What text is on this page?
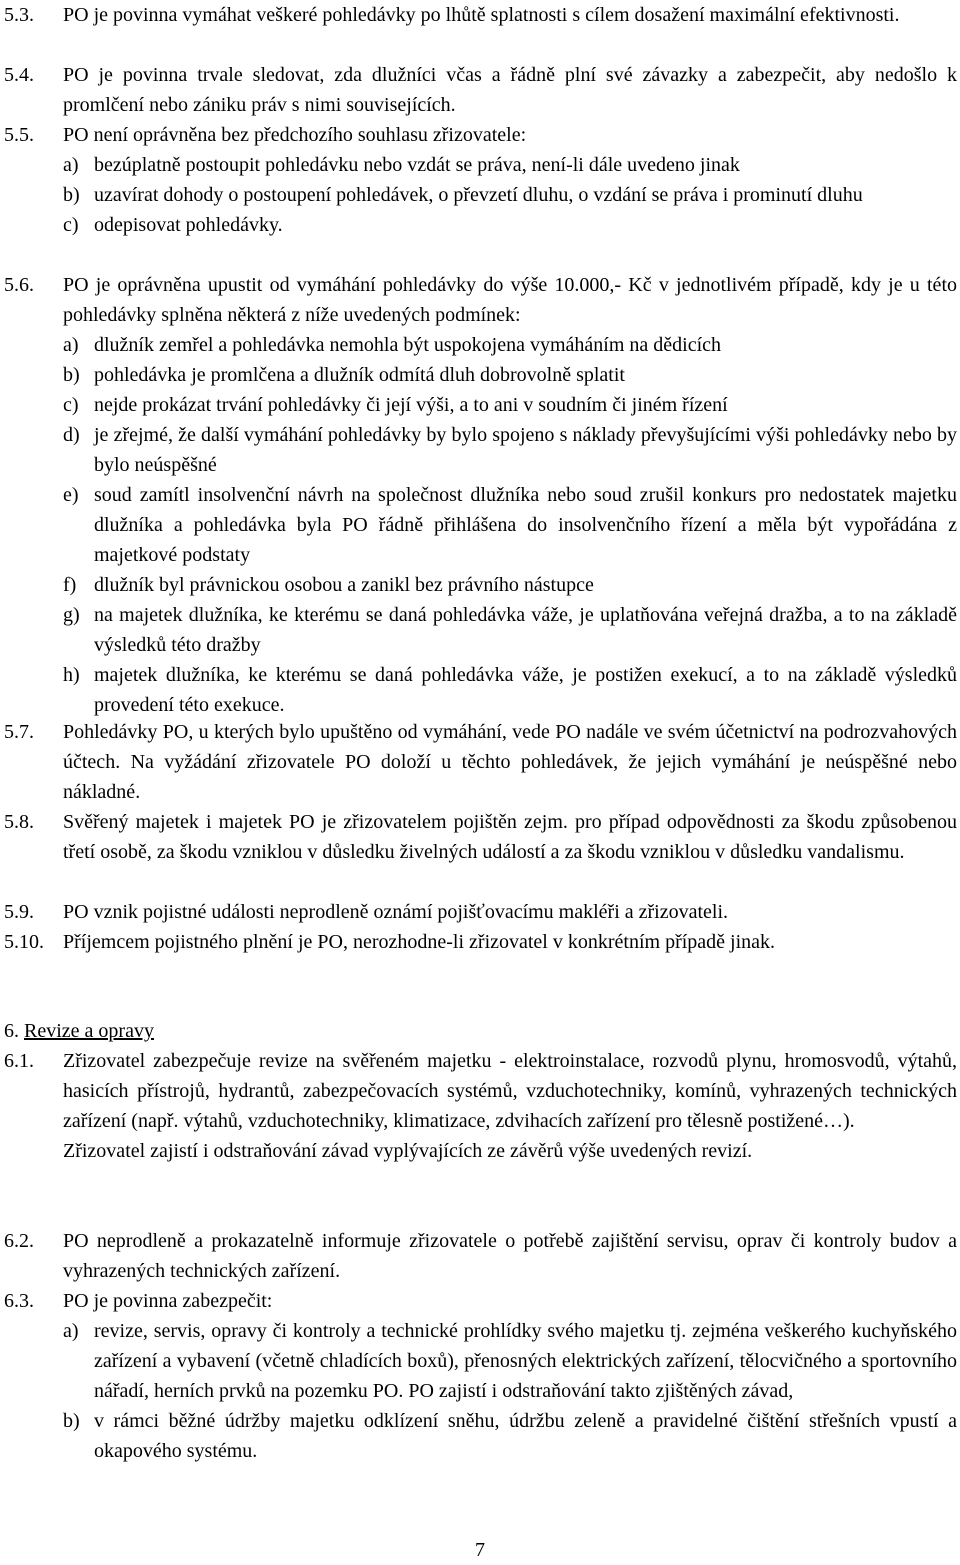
5.3.	PO je povinna vymáhat veškeré pohledávky po lhůtě splatnosti s cílem dosažení maximální efektivnosti.

5.4.	PO je povinna trvale sledovat, zda dlužníci včas a řádně plní své závazky a zabezpečit, aby nedošlo k promlčení nebo zániku práv s nimi souvisejících.

5.5.	PO není oprávněna bez předchozího souhlasu zřizovatele:

a) bezúplatně postoupit pohledávku nebo vzdát se práva, není-li dále uvedeno jinak
b) uzavírat dohody o postoupení pohledávek, o převzetí dluhu, o vzdání se práva i prominutí dluhu
c) odepisovat pohledávky.
5.6.	PO je oprávněna upustit od vymáhání pohledávky do výše 10.000,- Kč v jednotlivém případě, kdy je u této pohledávky splněna některá z níže uvedených podmínek:

a) dlužník zemřel a pohledávka nemohla být uspokojena vymáháním na dědicích
b) pohledávka je promlčena a dlužník odmítá dluh dobrovolně splatit
c) nejde prokázat trvání pohledávky či její výši, a to ani v soudním či jiném řízení
d) je zřejmé, že další vymáhání pohledávky by bylo spojeno s náklady převyšujícími výši pohledávky nebo by bylo neúspěšné
e) soud zamítl insolvenční návrh na společnost dlužníka nebo soud zrušil konkurs pro nedostatek majetku dlužníka a pohledávka byla PO řádně přihlášena do insolvenčního řízení a měla být vypořádána z majetkové podstaty
f) dlužník byl právnickou osobou a zanikl bez právního nástupce
g) na majetek dlužníka, ke kterému se daná pohledávka váže, je uplatňována veřejná dražba, a to na základě výsledků této dražby
h) majetek dlužníka, ke kterému se daná pohledávka váže, je postižen exekucí, a to na základě výsledků provedení této exekuce.
5.7.	Pohledávky PO, u kterých bylo upuštěno od vymáhání, vede PO nadále ve svém účetnictví na podrozvahových účtech. Na vyžádání zřizovatele PO doloží u těchto pohledávek, že jejich vymáhání je neúspěšné nebo nákladné.

5.8.	Svěřený majetek i majetek PO je zřizovatelem pojištěn zejm. pro případ odpovědnosti za škodu způsobenou třetí osobě, za škodu vzniklou v důsledku živelných událostí a za škodu vzniklou v důsledku vandalismu.

5.9.	PO vznik pojistné události neprodleně oznámí pojišťovacímu makléři a zřizovateli.

5.10. Příjemcem pojistného plnění je PO, nerozhodne-li zřizovatel v konkrétním případě jinak.

6. Revize a opravy
6.1.	Zřizovatel zabezpečuje revize na svěřeném majetku - elektroinstalace, rozvodů plynu, hromosvodů, výtahů, hasicích přístrojů, hydrantů, zabezpečovacích systémů, vzduchotechniky, komínů, vyhrazených technických zařízení (např. výtahů, vzduchotechniky, klimatizace, zdvihacích zařízení pro tělesně postižené…).

Zřizovatel zajistí i odstraňování závad vyplývajících ze závěrů výše uvedených revizí.

6.2.	PO neprodleně a prokazatelně informuje zřizovatele o potřebě zajištění servisu, oprav či kontroly budov a vyhrazených technických zařízení.

6.3.	PO je povinna zabezpečit:

a) revize, servis, opravy či kontroly a technické prohlídky svého majetku tj. zejména veškerého kuchyňského zařízení a vybavení (včetně chladících boxů), přenosných elektrických zařízení, tělocvičného a sportovního nářadí, herních prvků na pozemku PO. PO zajistí i odstraňování takto zjištěných závad,
b) v rámci běžné údržby majetku odklízení sněhu, údržbu zeleně a pravidelné čištění střešních vpustí a okapového systému.
7
